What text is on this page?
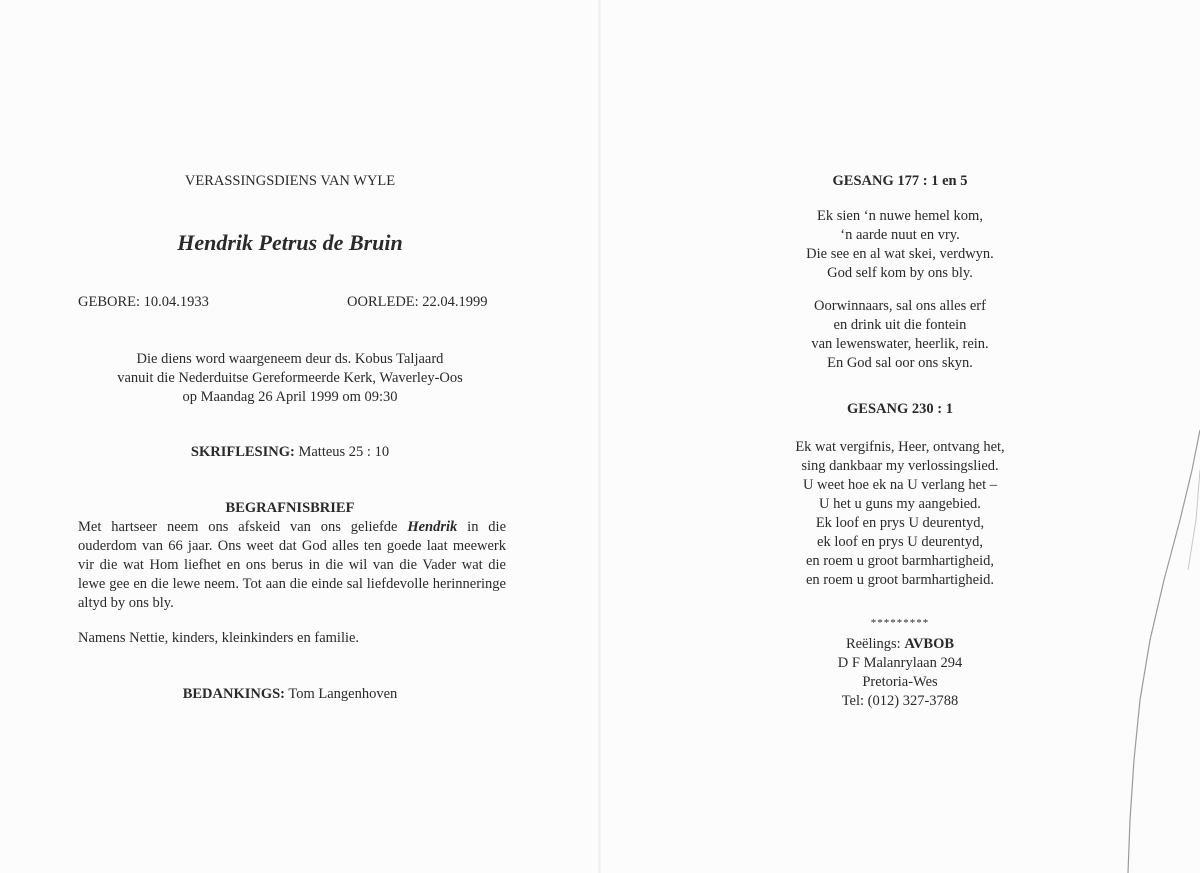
VERASSINGSDIENS VAN WYLE
Hendrik Petrus de Bruin
GEBORE: 10.04.1933	OORLEDE: 22.04.1999
Die diens word waargeneem deur ds. Kobus Taljaard
vanuit die Nederduitse Gereformeerde Kerk, Waverley-Oos
op Maandag 26 April 1999 om 09:30
SKRIFLESING: Matteus 25 : 10
BEGRAFNISBRIEF

Met hartseer neem ons afskeid van ons geliefde Hendrik in die ouderdom van 66 jaar. Ons weet dat God alles ten goede laat meewerk vir die wat Hom liefhet en ons berus in die wil van die Vader wat die lewe gee en die lewe neem. Tot aan die einde sal liefdevolle herinneringe altyd by ons bly.

Namens Nettie, kinders, kleinkinders en familie.
BEDANKINGS: Tom Langenhoven
GESANG 177 : 1 en 5
Ek sien ‘n nuwe hemel kom,
‘n aarde nuut en vry.
Die see en al wat skei, verdwyn.
God self kom by ons bly.
Oorwinnaars, sal ons alles erf
en drink uit die fontein
van lewenswater, heerlik, rein.
En God sal oor ons skyn.
GESANG 230 : 1
Ek wat vergifnis, Heer, ontvang het,
sing dankbaar my verlossingslied.
U weet hoe ek na U verlang het –
U het u guns my aangebied.
Ek loof en prys U deurentyd,
ek loof en prys U deurentyd,
en roem u groot barmhartigheid,
en roem u groot barmhartigheid.
*********
Reëlings: AVBOB
D F Malanrylaan 294
Pretoria-Wes
Tel: (012) 327-3788
